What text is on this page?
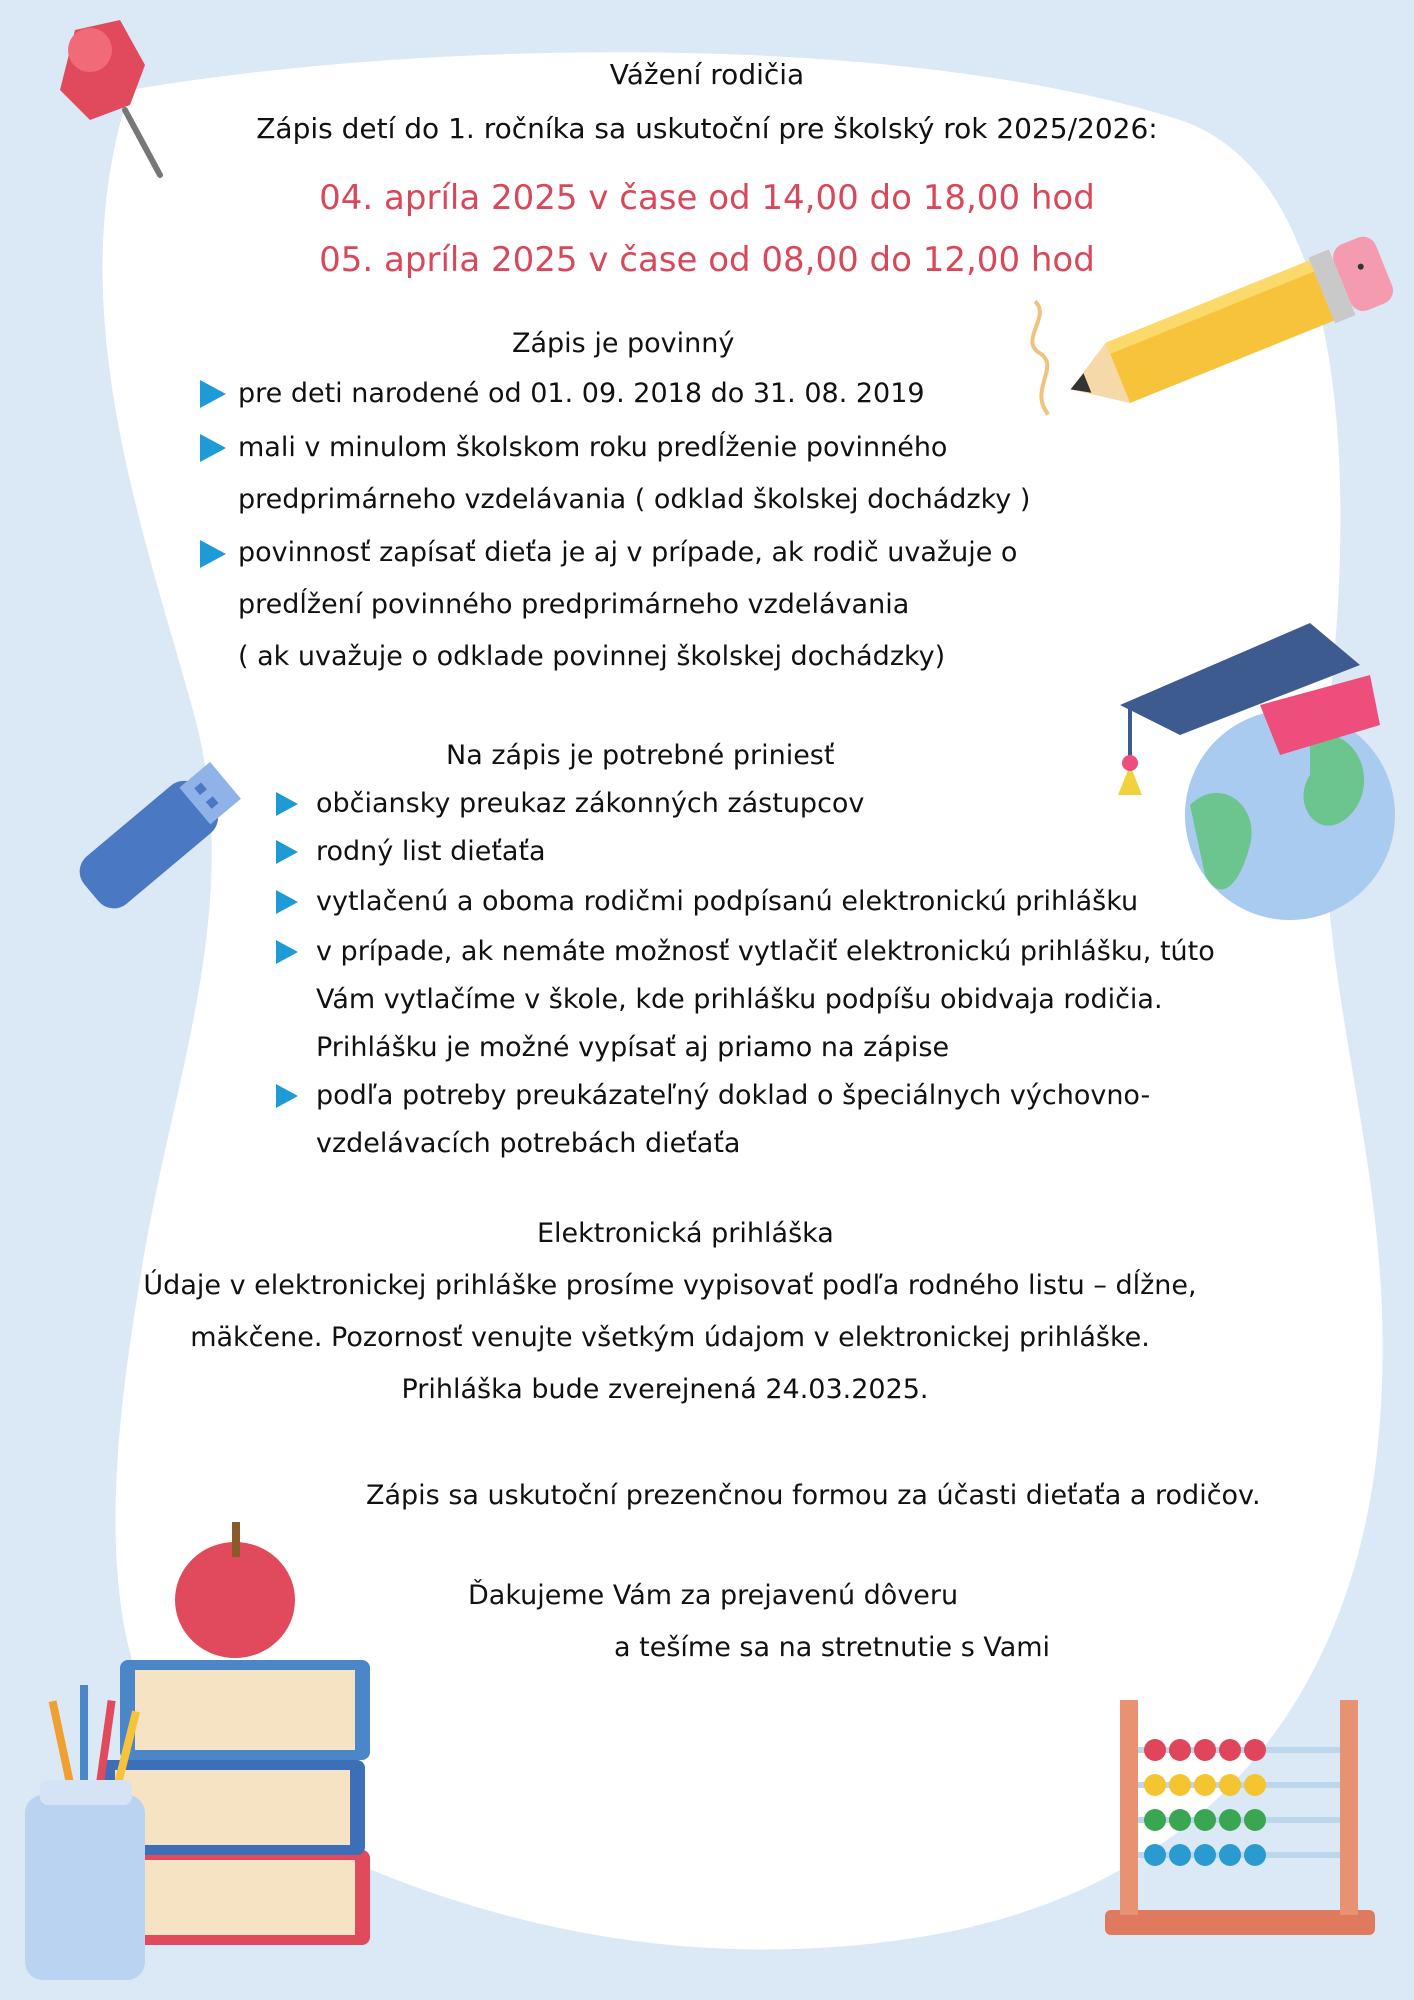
Vážení rodičia
Zápis detí do 1. ročníka sa uskutoční pre školský rok 2025/2026:
04. apríla 2025 v čase od 14,00 do 18,00 hod
05. apríla 2025 v čase od 08,00 do 12,00 hod
Zápis je povinný
pre deti narodené od 01. 09. 2018 do 31. 08. 2019
mali v minulom školskom roku predĺženie povinného
predprimárneho vzdelávania ( odklad školskej dochádzky )
povinnosť zapísať dieťa je aj v prípade, ak rodič uvažuje o
predĺžení povinného predprimárneho vzdelávania
( ak uvažuje o odklade povinnej školskej dochádzky)
Na zápis je potrebné priniesť
občiansky preukaz zákonných zástupcov
rodný list dieťaťa
vytlačenú a oboma rodičmi podpísanú elektronickú prihlášku
v prípade, ak nemáte možnosť vytlačiť elektronickú prihlášku, túto
Vám vytlačíme v škole, kde prihlášku podpíšu obidvaja rodičia.
Prihlášku je možné vypísať aj priamo na zápise
podľa potreby preukázateľný doklad o špeciálnych výchovno-
vzdelávacích potrebách dieťaťa
Elektronická prihláška
Údaje v elektronickej prihláške prosíme vypisovať podľa rodného listu – dĺžne,
mäkčene. Pozornosť venujte všetkým údajom v elektronickej prihláške.
Prihláška bude zverejnená 24.03.2025.
Zápis sa uskutoční prezenčnou formou za účasti dieťaťa a rodičov.
Ďakujeme Vám za prejavenú dôveru
a tešíme sa na stretnutie s Vami
